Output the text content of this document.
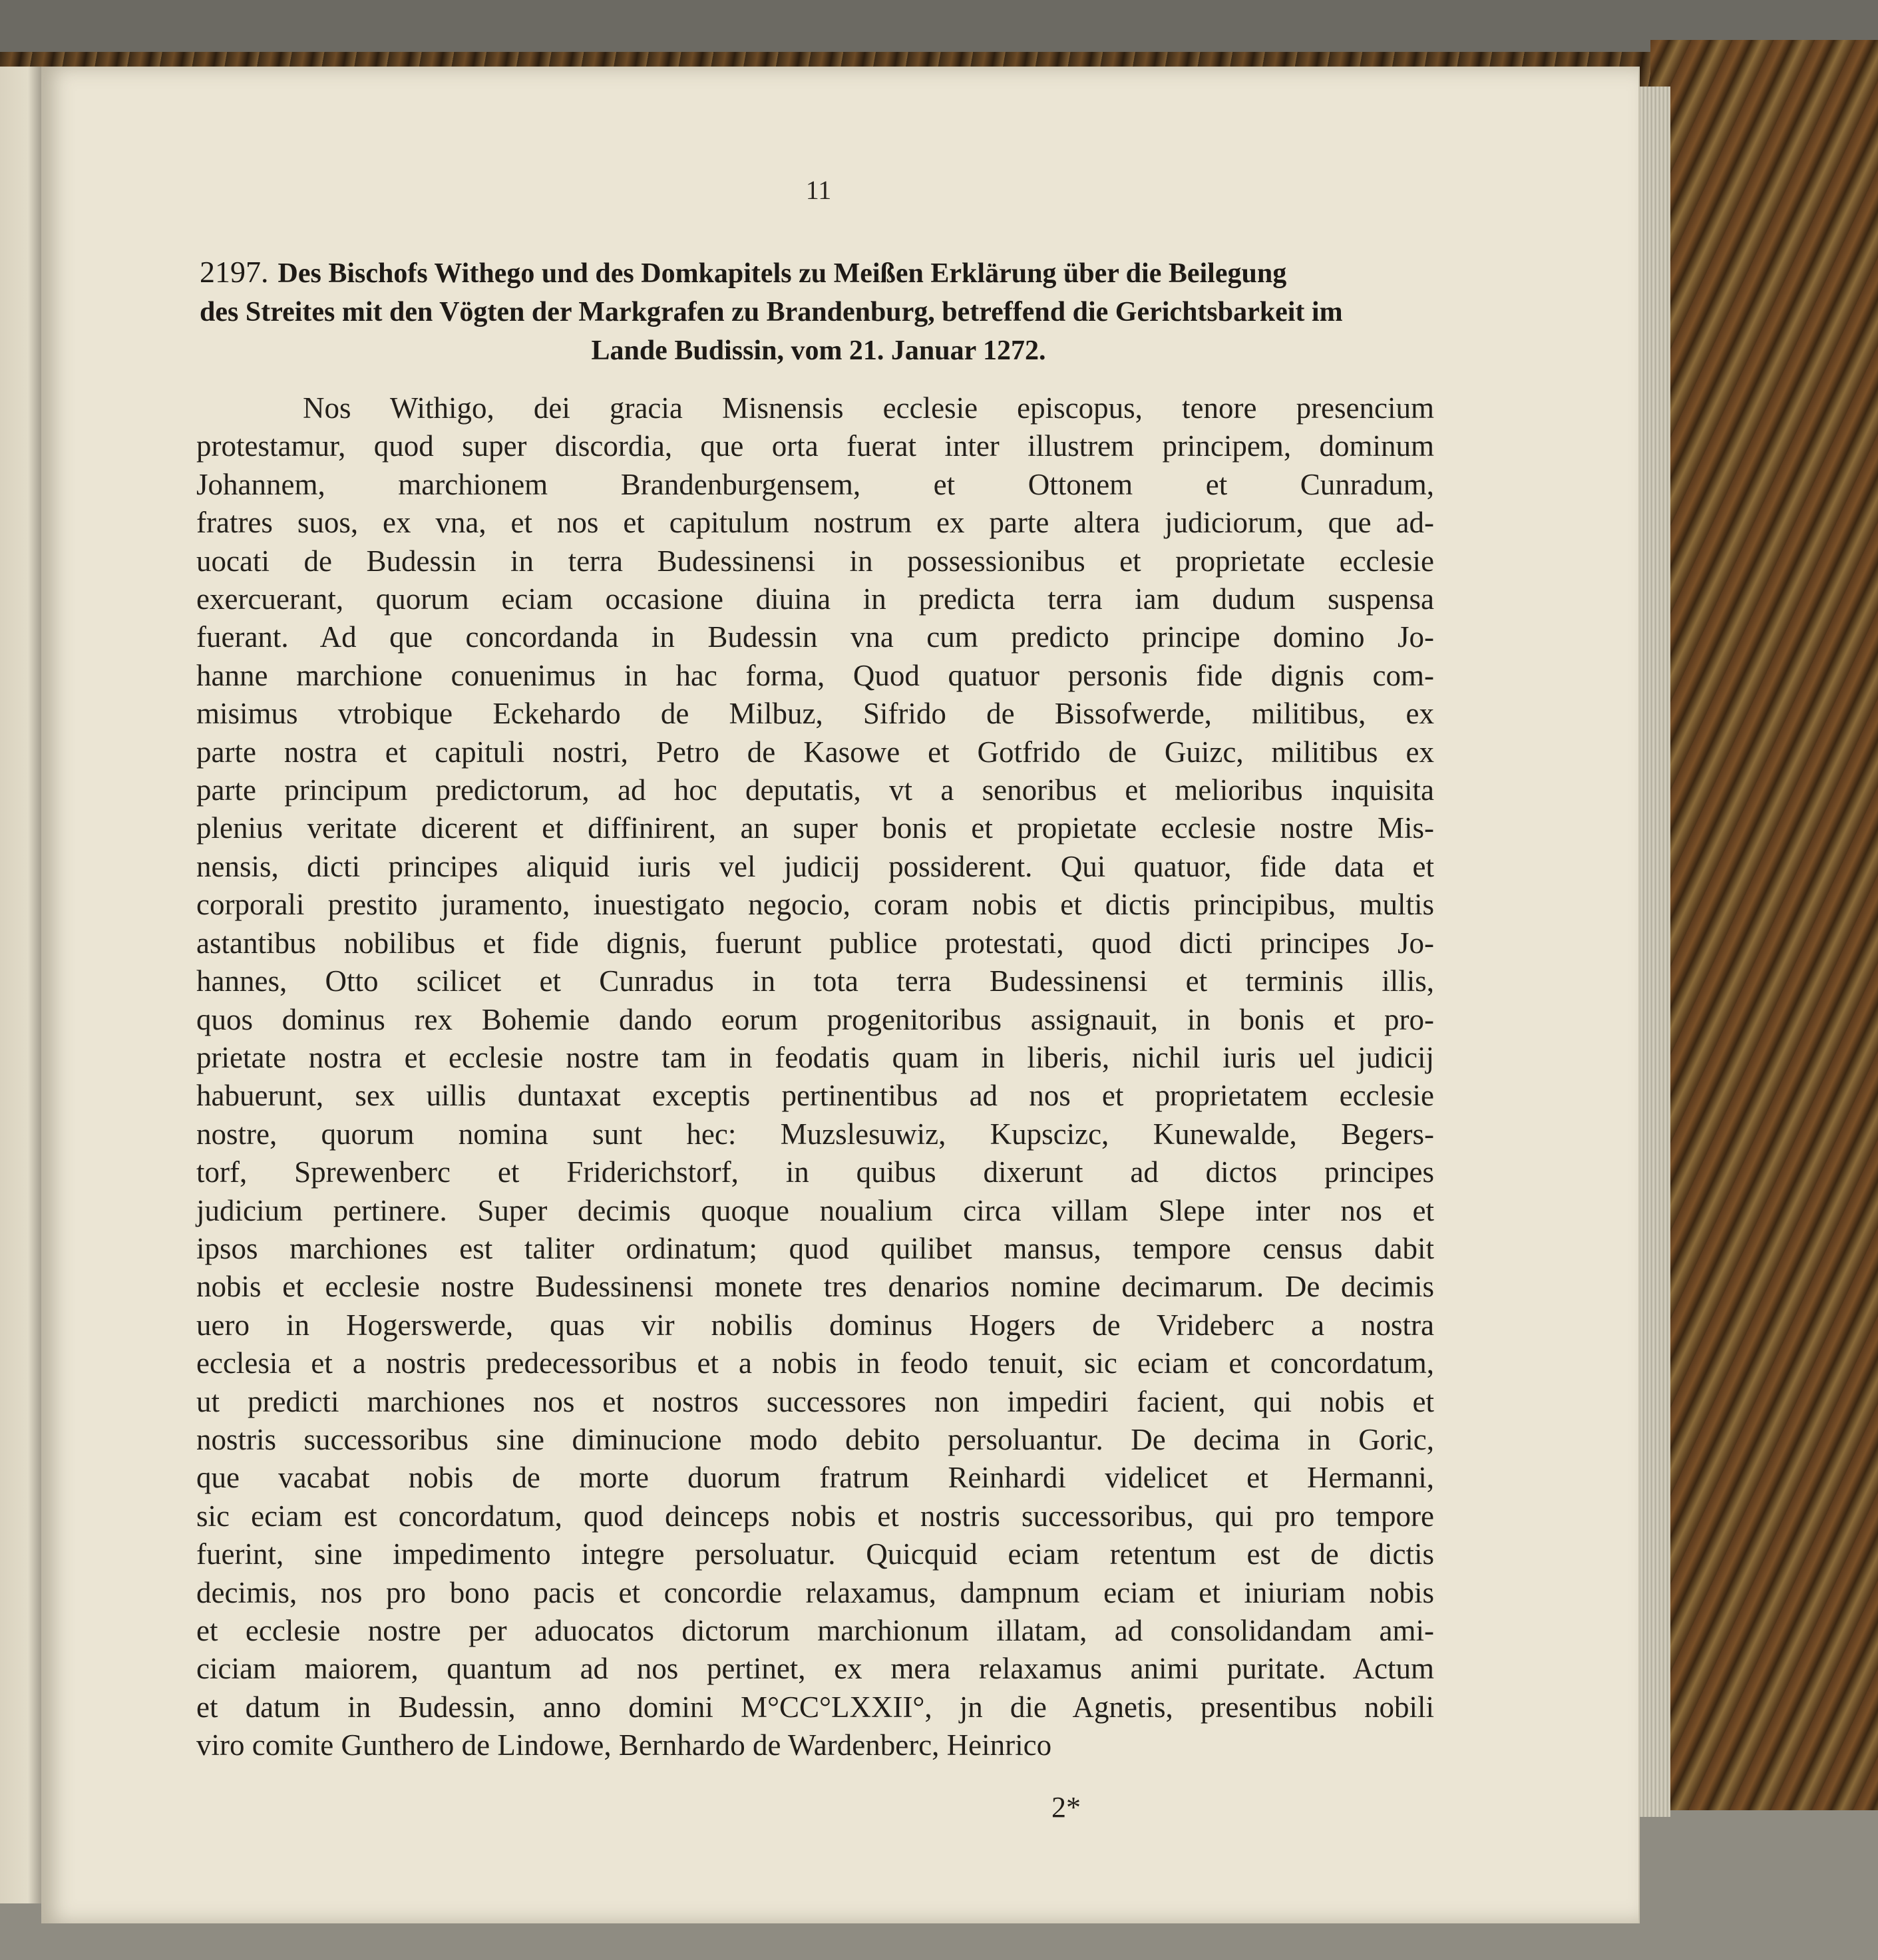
11
2197. Des Bischofs Withego und des Domkapitels zu Meißen Erklärung über die Beilegung
des Streites mit den Vögten der Markgrafen zu Brandenburg, betreffend die Gerichtsbarkeit im
Lande Budissin, vom 21. Januar 1272.
Nos Withigo, dei gracia Misnensis ecclesie episcopus, tenore presencium
protestamur, quod super discordia, que orta fuerat inter illustrem principem, dominum
Johannem, marchionem Brandenburgensem, et Ottonem et Cunradum,
fratres suos, ex vna, et nos et capitulum nostrum ex parte altera judiciorum, que ad-
uocati de Budessin in terra Budessinensi in possessionibus et proprietate ecclesie
exercuerant, quorum eciam occasione diuina in predicta terra iam dudum suspensa
fuerant. Ad que concordanda in Budessin vna cum predicto principe domino Jo-
hanne marchione conuenimus in hac forma, Quod quatuor personis fide dignis com-
misimus vtrobique Eckehardo de Milbuz, Sifrido de Bissofwerde, militibus, ex
parte nostra et capituli nostri, Petro de Kasowe et Gotfrido de Guizc, militibus ex
parte principum predictorum, ad hoc deputatis, vt a senoribus et melioribus inquisita
plenius veritate dicerent et diffinirent, an super bonis et propietate ecclesie nostre Mis-
nensis, dicti principes aliquid iuris vel judicij possiderent. Qui quatuor, fide data et
corporali prestito juramento, inuestigato negocio, coram nobis et dictis principibus, multis
astantibus nobilibus et fide dignis, fuerunt publice protestati, quod dicti principes Jo-
hannes, Otto scilicet et Cunradus in tota terra Budessinensi et terminis illis,
quos dominus rex Bohemie dando eorum progenitoribus assignauit, in bonis et pro-
prietate nostra et ecclesie nostre tam in feodatis quam in liberis, nichil iuris uel judicij
habuerunt, sex uillis duntaxat exceptis pertinentibus ad nos et proprietatem ecclesie
nostre, quorum nomina sunt hec: Muzslesuwiz, Kupscizc, Kunewalde, Begers-
torf, Sprewenberc et Friderichstorf, in quibus dixerunt ad dictos principes
judicium pertinere. Super decimis quoque noualium circa villam Slepe inter nos et
ipsos marchiones est taliter ordinatum; quod quilibet mansus, tempore census dabit
nobis et ecclesie nostre Budessinensi monete tres denarios nomine decimarum. De decimis
uero in Hogerswerde, quas vir nobilis dominus Hogers de Vrideberc a nostra
ecclesia et a nostris predecessoribus et a nobis in feodo tenuit, sic eciam et concordatum,
ut predicti marchiones nos et nostros successores non impediri facient, qui nobis et
nostris successoribus sine diminucione modo debito persoluantur. De decima in Goric,
que vacabat nobis de morte duorum fratrum Reinhardi videlicet et Hermanni,
sic eciam est concordatum, quod deinceps nobis et nostris successoribus, qui pro tempore
fuerint, sine impedimento integre persoluatur. Quicquid eciam retentum est de dictis
decimis, nos pro bono pacis et concordie relaxamus, dampnum eciam et iniuriam nobis
et ecclesie nostre per aduocatos dictorum marchionum illatam, ad consolidandam ami-
ciciam maiorem, quantum ad nos pertinet, ex mera relaxamus animi puritate. Actum
et datum in Budessin, anno domini M°CC°LXXII°, jn die Agnetis, presentibus nobili
viro comite Gunthero de Lindowe, Bernhardo de Wardenberc, Heinrico
2*
